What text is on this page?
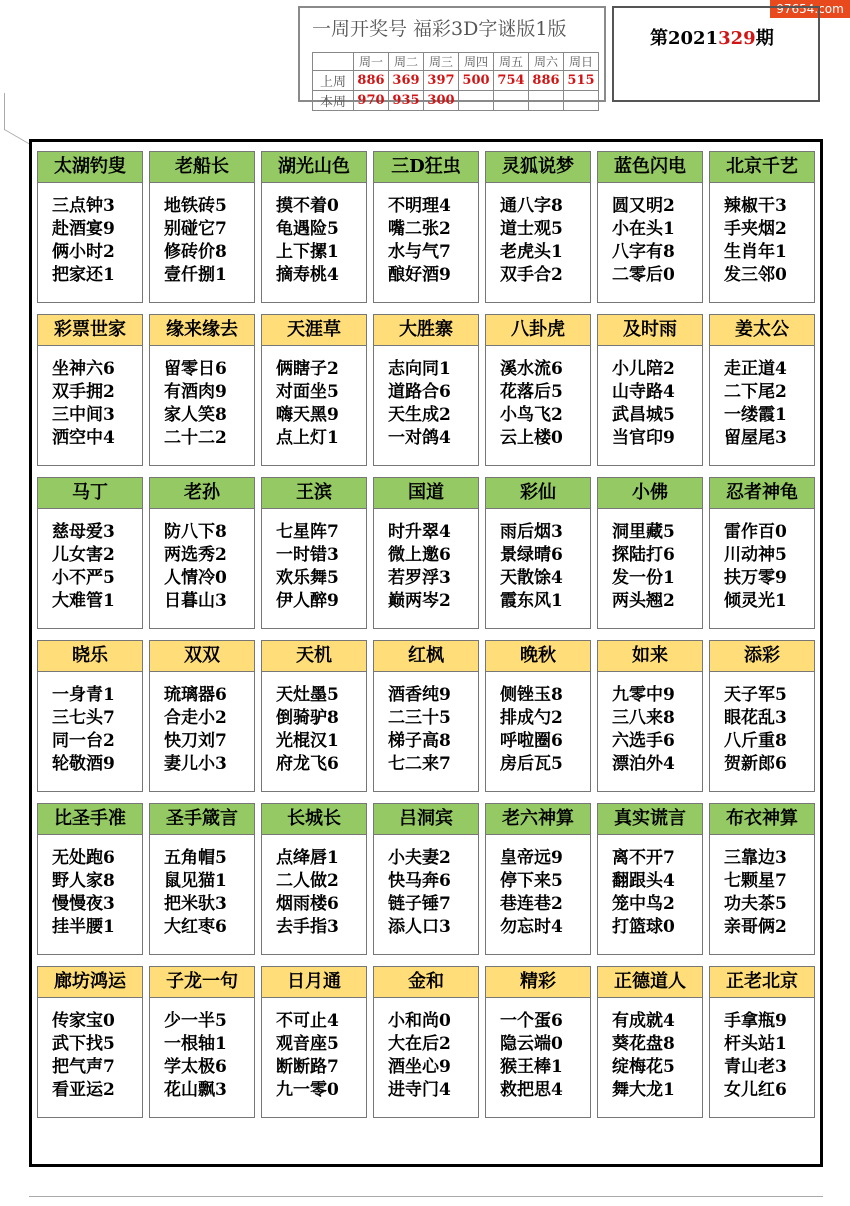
97654.com
一周开奖号 福彩3D字谜版1版
	周一	周二	周三	周四	周五	周六	周日
上周	886	369	397	500	754	886	515
本周	970	935	300				
第2021329期
太湖钓叟
三点钟3
赴酒宴9
俩小时2
把家还1
老船长
地铁砖5
别碰它7
修砖价8
壹仟捌1
湖光山色
摸不着0
龟遇险5
上下摞1
摘寿桃4
三D狂虫
不明理4
嘴二张2
水与气7
酿好酒9
灵狐说梦
通八字8
道士观5
老虎头1
双手合2
蓝色闪电
圆又明2
小在头1
八字有8
二零后0
北京千艺
辣椒干3
手夹烟2
生肖年1
发三邻0
彩票世家
坐神六6
双手拥2
三中间3
洒空中4
缘来缘去
留零日6
有酒肉9
家人笑8
二十二2
天涯草
俩瞎子2
对面坐5
嗨天黑9
点上灯1
大胜寨
志向同1
道路合6
天生成2
一对鸽4
八卦虎
溪水流6
花落后5
小鸟飞2
云上楼0
及时雨
小儿陪2
山寺路4
武昌城5
当官印9
姜太公
走正道4
二下尾2
一缕霞1
留屋尾3
马丁
慈母爱3
儿女害2
小不严5
大难管1
老孙
防八下8
两选秀2
人情冷0
日暮山3
王滨
七星阵7
一时错3
欢乐舞5
伊人醉9
国道
时升翠4
微上邀6
若罗浮3
巅两岑2
彩仙
雨后烟3
景绿晴6
天散馀4
霞东风1
小佛
洞里藏5
探陆打6
发一份1
两头翘2
忍者神龟
雷作百0
川动神5
扶万零9
倾灵光1
晓乐
一身青1
三七头7
同一台2
轮敬酒9
双双
琉璃器6
合走小2
快刀刘7
妻儿小3
天机
天灶墨5
倒骑驴8
光棍汉1
府龙飞6
红枫
酒香纯9
二三十5
梯子高8
七二来7
晚秋
侧锉玉8
排成勺2
呼啦圈6
房后瓦5
如来
九零中9
三八来8
六选手6
漂泊外4
添彩
天子军5
眼花乱3
八斤重8
贺新郎6
比圣手准
无处跑6
野人家8
慢慢夜3
挂半腰1
圣手箴言
五角帽5
鼠见猫1
把米驮3
大红枣6
长城长
点绛唇1
二人做2
烟雨楼6
去手指3
吕洞宾
小夫妻2
快马奔6
链子锤7
添人口3
老六神算
皇帝远9
停下来5
巷连巷2
勿忘时4
真实谎言
离不开7
翻跟头4
笼中鸟2
打篮球0
布衣神算
三靠边3
七颗星7
功夫茶5
亲哥俩2
廊坊鸿运
传家宝0
武下找5
把气声7
看亚运2
子龙一句
少一半5
一根轴1
学太极6
花山飘3
日月通
不可止4
观音座5
断断路7
九一零0
金和
小和尚0
大在后2
酒坐心9
进寺门4
精彩
一个蛋6
隐云端0
猴王棒1
救把思4
正德道人
有成就4
葵花盘8
绽梅花5
舞大龙1
正老北京
手拿瓶9
杆头站1
青山老3
女儿红6
